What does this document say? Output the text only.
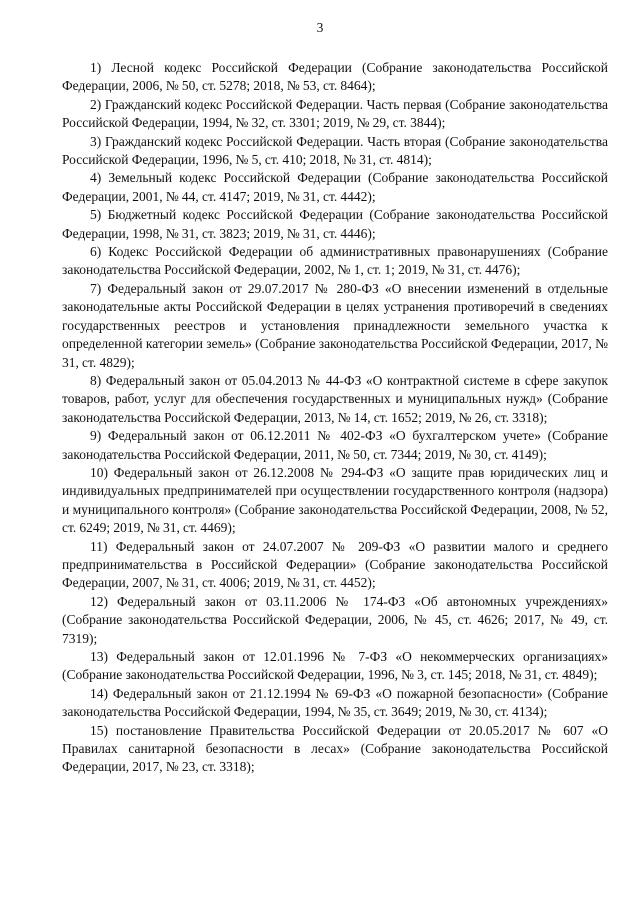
3

1) Лесной кодекс Российской Федерации (Собрание законодательства Российской Федерации, 2006, № 50, ст. 5278; 2018, № 53, ст. 8464);

2) Гражданский кодекс Российской Федерации. Часть первая (Собрание законодательства Российской Федерации, 1994, № 32, ст. 3301; 2019, № 29, ст. 3844);

3) Гражданский кодекс Российской Федерации. Часть вторая (Собрание законодательства Российской Федерации, 1996, № 5, ст. 410; 2018, № 31, ст. 4814);

4) Земельный кодекс Российской Федерации (Собрание законодательства Российской Федерации, 2001, № 44, ст. 4147; 2019, № 31, ст. 4442);

5) Бюджетный кодекс Российской Федерации (Собрание законодательства Российской Федерации, 1998, № 31, ст. 3823; 2019, № 31, ст. 4446);

6) Кодекс Российской Федерации об административных правонарушениях (Собрание законодательства Российской Федерации, 2002, № 1, ст. 1; 2019, № 31, ст. 4476);

7) Федеральный закон от 29.07.2017 № 280-ФЗ «О внесении изменений в отдельные законодательные акты Российской Федерации в целях устранения противоречий в сведениях государственных реестров и установления принадлежности земельного участка к определенной категории земель» (Собрание законодательства Российской Федерации, 2017, № 31, ст. 4829);

8) Федеральный закон от 05.04.2013 № 44-ФЗ «О контрактной системе в сфере закупок товаров, работ, услуг для обеспечения государственных и муниципальных нужд» (Собрание законодательства Российской Федерации, 2013, № 14, ст. 1652; 2019, № 26, ст. 3318);

9) Федеральный закон от 06.12.2011 № 402-ФЗ «О бухгалтерском учете» (Собрание законодательства Российской Федерации, 2011, № 50, ст. 7344; 2019, № 30, ст. 4149);

10) Федеральный закон от 26.12.2008 № 294-ФЗ «О защите прав юридических лиц и индивидуальных предпринимателей при осуществлении государственного контроля (надзора) и муниципального контроля» (Собрание законодательства Российской Федерации, 2008, № 52, ст. 6249; 2019, № 31, ст. 4469);

11) Федеральный закон от 24.07.2007 № 209-ФЗ «О развитии малого и среднего предпринимательства в Российской Федерации» (Собрание законодательства Российской Федерации, 2007, № 31, ст. 4006; 2019, № 31, ст. 4452);

12) Федеральный закон от 03.11.2006 № 174-ФЗ «Об автономных учреждениях» (Собрание законодательства Российской Федерации, 2006, № 45, ст. 4626; 2017, № 49, ст. 7319);

13) Федеральный закон от 12.01.1996 № 7-ФЗ «О некоммерческих организациях» (Собрание законодательства Российской Федерации, 1996, № 3, ст. 145; 2018, № 31, ст. 4849);

14) Федеральный закон от 21.12.1994 № 69-ФЗ «О пожарной безопасности» (Собрание законодательства Российской Федерации, 1994, № 35, ст. 3649; 2019, № 30, ст. 4134);

15) постановление Правительства Российской Федерации от 20.05.2017 № 607 «О Правилах санитарной безопасности в лесах» (Собрание законодательства Российской Федерации, 2017, № 23, ст. 3318);
